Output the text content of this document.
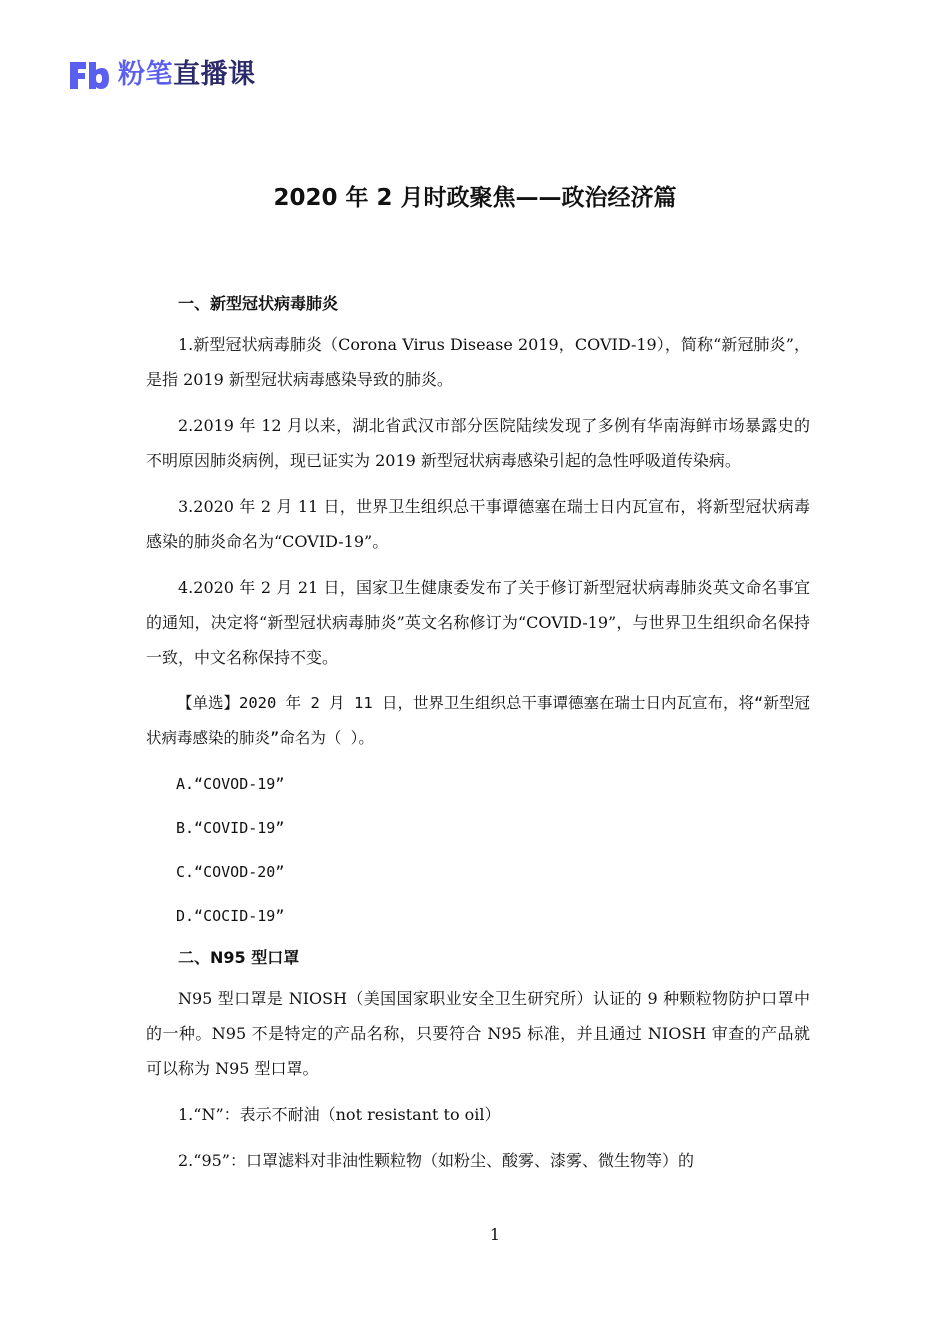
粉笔直播课
2020 年 2 月时政聚焦——政治经济篇
一、新型冠状病毒肺炎

1.新型冠状病毒肺炎（Corona Virus Disease 2019，COVID-19），简称“新冠肺炎”，是指 2019 新型冠状病毒感染导致的肺炎。

2.2019 年 12 月以来，湖北省武汉市部分医院陆续发现了多例有华南海鲜市场暴露史的不明原因肺炎病例，现已证实为 2019 新型冠状病毒感染引起的急性呼吸道传染病。

3.2020 年 2 月 11 日，世界卫生组织总干事谭德塞在瑞士日内瓦宣布，将新型冠状病毒感染的肺炎命名为“COVID-19”。

4.2020 年 2 月 21 日，国家卫生健康委发布了关于修订新型冠状病毒肺炎英文命名事宜的通知，决定将“新型冠状病毒肺炎”英文名称修订为“COVID-19”，与世界卫生组织命名保持一致，中文名称保持不变。

【单选】2020 年 2 月 11 日，世界卫生组织总干事谭德塞在瑞士日内瓦宣布，将“新型冠状病毒感染的肺炎”命名为（ ）。

A.“COVOD-19”
B.“COVID-19”
C.“COVOD-20”
D.“COCID-19”
二、N95 型口罩

N95 型口罩是 NIOSH（美国国家职业安全卫生研究所）认证的 9 种颗粒物防护口罩中的一种。N95 不是特定的产品名称，只要符合 N95 标准，并且通过 NIOSH 审查的产品就可以称为 N95 型口罩。

1.“N”：表示不耐油（not resistant to oil）

2.“95”：口罩滤料对非油性颗粒物（如粉尘、酸雾、漆雾、微生物等）的

1
